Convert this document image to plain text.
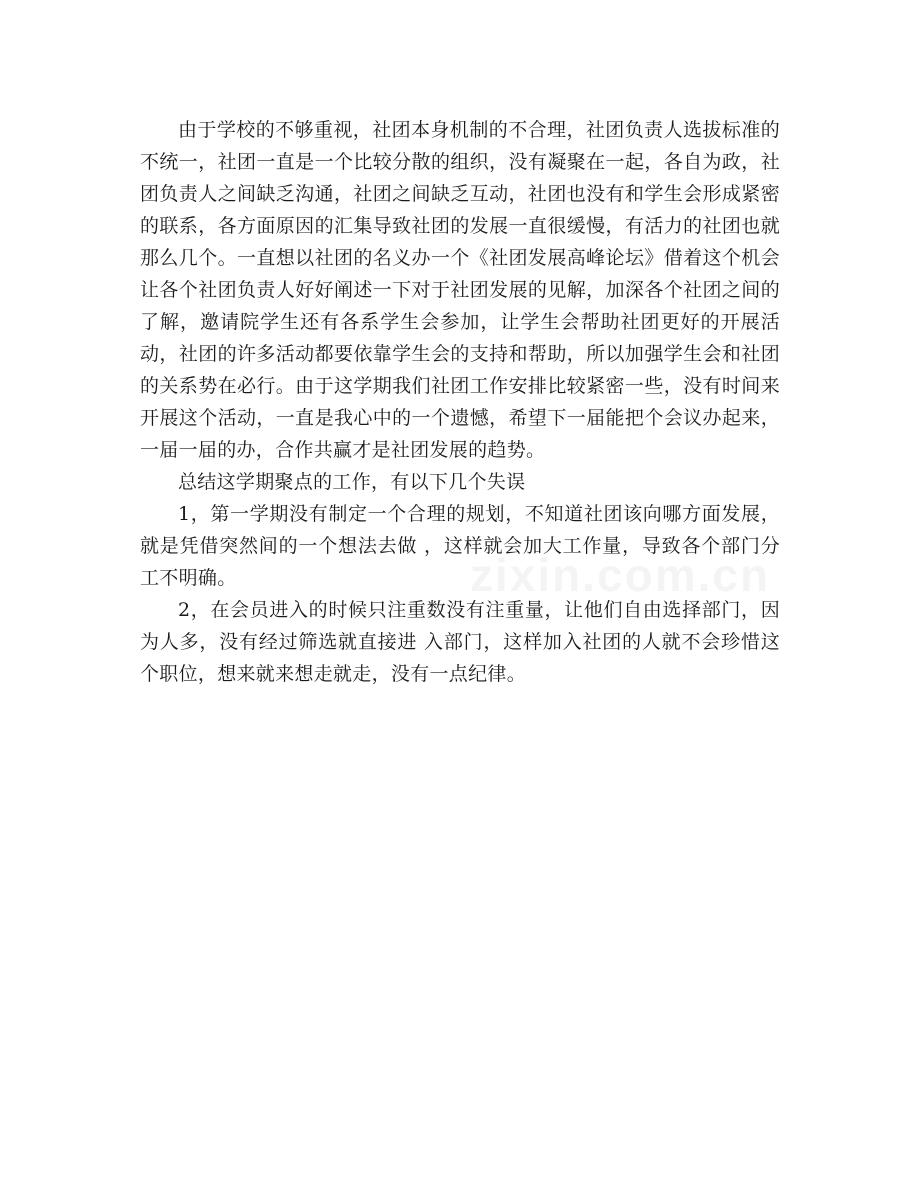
由于学校的不够重视，社团本身机制的不合理，社团负责人选拔标准的不统一，社团一直是一个比较分散的组织，没有凝聚在一起，各自为政，社团负责人之间缺乏沟通，社团之间缺乏互动，社团也没有和学生会形成紧密的联系，各方面原因的汇集导致社团的发展一直很缓慢，有活力的社团也就那么几个。一直想以社团的名义办一个《社团发展高峰论坛》借着这个机会让各个社团负责人好好阐述一下对于社团发展的见解，加深各个社团之间的了解，邀请院学生还有各系学生会参加，让学生会帮助社团更好的开展活动，社团的许多活动都要依靠学生会的支持和帮助，所以加强学生会和社团的关系势在必行。由于这学期我们社团工作安排比较紧密一些，没有时间来开展这个活动，一直是我心中的一个遗憾，希望下一届能把个会议办起来，一届一届的办，合作共赢才是社团发展的趋势。

总结这学期聚点的工作，有以下几个失误

1，第一学期没有制定一个合理的规划，不知道社团该向哪方面发展，就是凭借突然间的一个想法去做 ，这样就会加大工作量，导致各个部门分工不明确。

2，在会员进入的时候只注重数没有注重量，让他们自由选择部门，因为人多，没有经过筛选就直接进 入部门，这样加入社团的人就不会珍惜这个职位，想来就来想走就走，没有一点纪律。
